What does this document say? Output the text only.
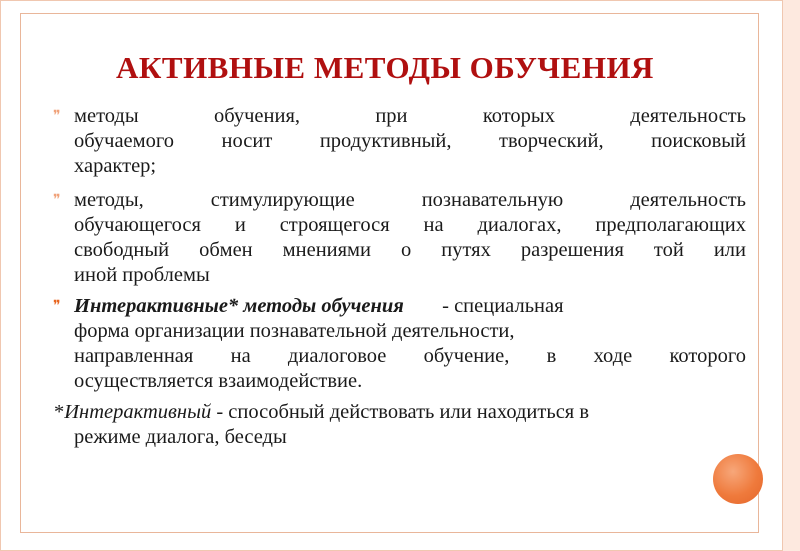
АКТИВНЫЕ МЕТОДЫ ОБУЧЕНИЯ
❞ методы обучения, при которых деятельность
обучаемого носит продуктивный, творческий, поисковый
характер;
❞ методы, стимулирующие познавательную деятельность
обучающегося и строящегося на диалогах, предполагающих
свободный обмен мнениями о путях разрешения той или
иной проблемы
❞ Интерактивные* методы обучения - специальная
форма организации познавательной деятельности,
направленная на диалоговое обучение, в ходе которого
осуществляется взаимодействие.
*Интерактивный - способный действовать или находиться в
режиме диалога, беседы
